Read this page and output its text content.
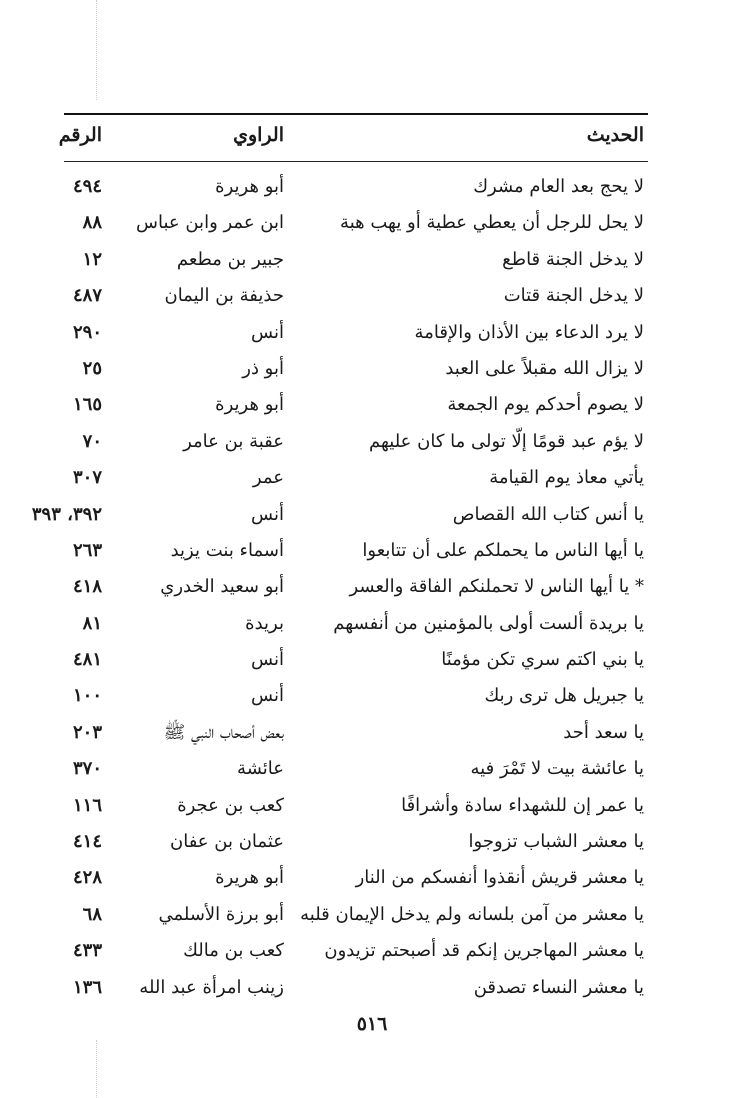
الحديث
الراوي
الرقم
لا يحج بعد العام مشرك
أبو هريرة
٤٩٤
لا يحل للرجل أن يعطي عطية أو يهب هبة
ابن عمر وابن عباس
٨٨
لا يدخل الجنة قاطع
جبير بن مطعم
١٢
لا يدخل الجنة قتات
حذيفة بن اليمان
٤٨٧
لا يرد الدعاء بين الأذان والإقامة
أنس
٢٩٠
لا يزال الله مقبلاً على العبد
أبو ذر
٢٥
لا يصوم أحدكم يوم الجمعة
أبو هريرة
١٦٥
لا يؤم عبد قومًا إلّا تولى ما كان عليهم
عقبة بن عامر
٧٠
يأتي معاذ يوم القيامة
عمر
٣٠٧
يا أنس كتاب الله القصاص
أنس
٣٩٢، ٣٩٣
يا أيها الناس ما يحملكم على أن تتابعوا
أسماء بنت يزيد
٢٦٣
* يا أيها الناس لا تحملنكم الفاقة والعسر
أبو سعيد الخدري
٤١٨
يا بريدة ألست أولى بالمؤمنين من أنفسهم
بريدة
٨١
يا بني اكتم سري تكن مؤمنًا
أنس
٤٨١
يا جبريل هل ترى ربك
أنس
١٠٠
يا سعد أحد
بعض أصحاب النبي ﷺ
٢٠٣
يا عائشة بيت لا تَمْرَ فيه
عائشة
٣٧٠
يا عمر إن للشهداء سادة وأشرافًا
كعب بن عجرة
١١٦
يا معشر الشباب تزوجوا
عثمان بن عفان
٤١٤
يا معشر قريش أنقذوا أنفسكم من النار
أبو هريرة
٤٢٨
يا معشر من آمن بلسانه ولم يدخل الإيمان قلبه
أبو برزة الأسلمي
٦٨
يا معشر المهاجرين إنكم قد أصبحتم تزيدون
كعب بن مالك
٤٣٣
يا معشر النساء تصدقن
زينب امرأة عبد الله
١٣٦
٥١٦
